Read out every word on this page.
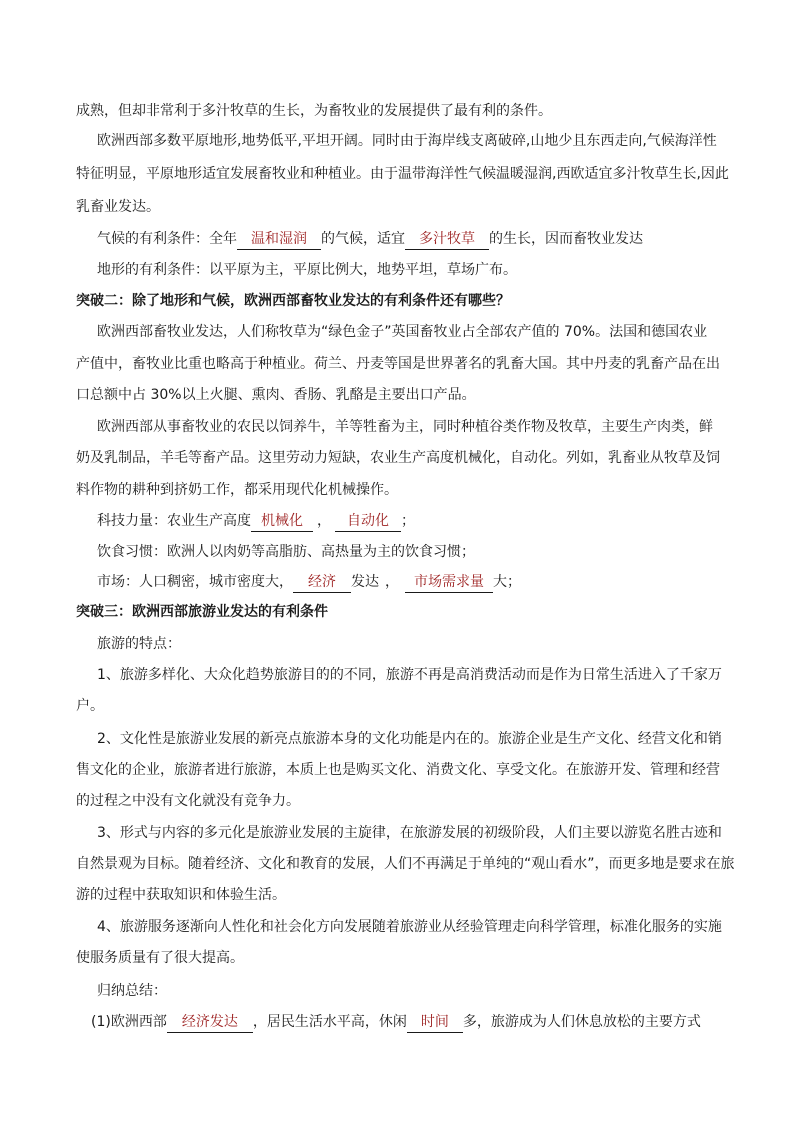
成熟，但却非常利于多汁牧草的生长，为畜牧业的发展提供了最有利的条件。
欧洲西部多数平原地形,地势低平,平坦开阔。同时由于海岸线支离破碎,山地少且东西走向,气候海洋性
特征明显，平原地形适宜发展畜牧业和种植业。由于温带海洋性气候温暖湿润,西欧适宜多汁牧草生长,因此
乳畜业发达。
气候的有利条件：全年 温和湿润 的气候，适宜 多汁牧草 的生长，因而畜牧业发达
地形的有利条件：以平原为主，平原比例大，地势平坦，草场广布。
突破二：除了地形和气候，欧洲西部畜牧业发达的有利条件还有哪些？
欧洲西部畜牧业发达，人们称牧草为“绿色金子”英国畜牧业占全部农产值的 70%。法国和德国农业
产值中，畜牧业比重也略高于种植业。荷兰、丹麦等国是世界著名的乳畜大国。其中丹麦的乳畜产品在出
口总额中占 30%以上火腿、熏肉、香肠、乳酪是主要出口产品。
欧洲西部从事畜牧业的农民以饲养牛，羊等牲畜为主，同时种植谷类作物及牧草，主要生产肉类，鲜
奶及乳制品，羊毛等畜产品。这里劳动力短缺，农业生产高度机械化，自动化。列如，乳畜业从牧草及饲
料作物的耕种到挤奶工作，都采用现代化机械操作。
科技力量：农业生产高度 机械化 ， 自动化 ；
饮食习惯：欧洲人以肉奶等高脂肪、高热量为主的饮食习惯；
市场：人口稠密，城市密度大， 经济 发达 ， 市场需求量 大；
突破三：欧洲西部旅游业发达的有利条件
旅游的特点：
1、旅游多样化、大众化趋势旅游目的的不同，旅游不再是高消费活动而是作为日常生活进入了千家万
户。
2、文化性是旅游业发展的新亮点旅游本身的文化功能是内在的。旅游企业是生产文化、经营文化和销
售文化的企业，旅游者进行旅游，本质上也是购买文化、消费文化、享受文化。在旅游开发、管理和经营
的过程之中没有文化就没有竞争力。
3、形式与内容的多元化是旅游业发展的主旋律，在旅游发展的初级阶段，人们主要以游览名胜古迹和
自然景观为目标。随着经济、文化和教育的发展，人们不再满足于单纯的“观山看水”，而更多地是要求在旅
游的过程中获取知识和体验生活。
4、旅游服务逐渐向人性化和社会化方向发展随着旅游业从经验管理走向科学管理，标准化服务的实施
使服务质量有了很大提高。
归纳总结：
(1)欧洲西部 经济发达 ，居民生活水平高，休闲 时间 多，旅游成为人们休息放松的主要方式
